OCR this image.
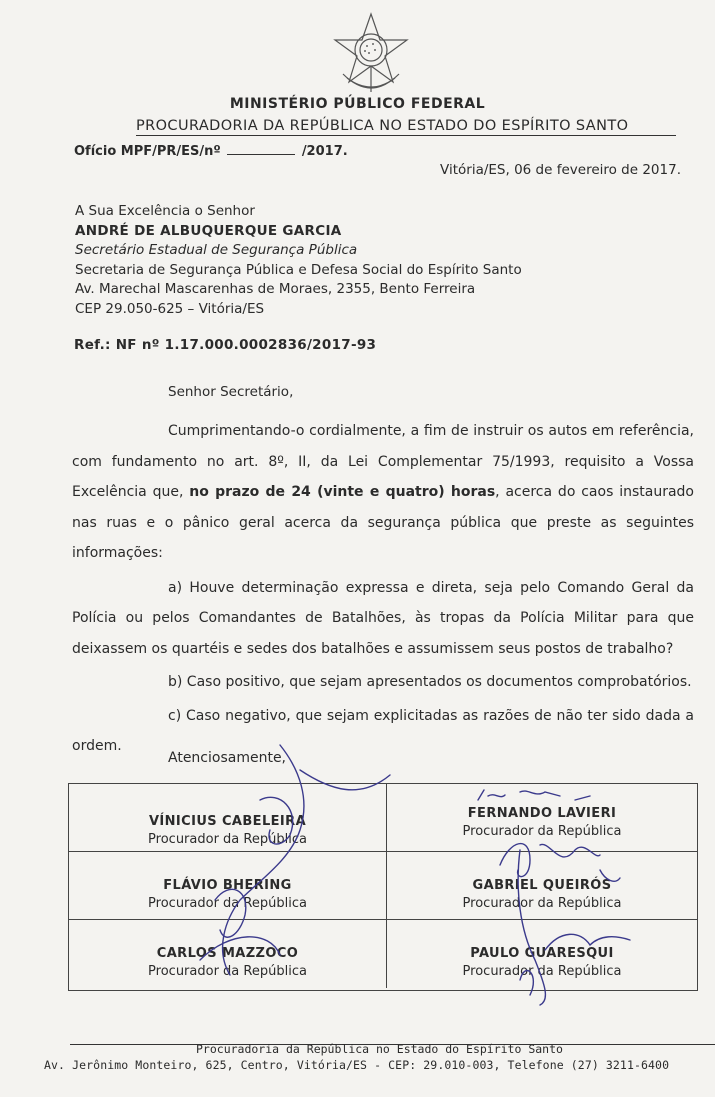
MINISTÉRIO PÚBLICO FEDERAL
PROCURADORIA DA REPÚBLICA NO ESTADO DO ESPÍRITO SANTO
Ofício MPF/PR/ES/nº	/2017.
Vitória/ES, 06 de fevereiro de 2017.
A Sua Excelência o Senhor
ANDRÉ DE ALBUQUERQUE GARCIA
Secretário Estadual de Segurança Pública
Secretaria de Segurança Pública e Defesa Social do Espírito Santo
Av. Marechal Mascarenhas de Moraes, 2355, Bento Ferreira
CEP 29.050-625 – Vitória/ES
Ref.: NF nº 1.17.000.0002836/2017-93
Senhor Secretário,

Cumprimentando-o cordialmente, a fim de instruir os autos em referência, com fundamento no art. 8º, II, da Lei Complementar 75/1993, requisito a Vossa Excelência que, no prazo de 24 (vinte e quatro) horas, acerca do caos instaurado nas ruas e o pânico geral acerca da segurança pública que preste as seguintes informações:

a) Houve determinação expressa e direta, seja pelo Comando Geral da Polícia ou pelos Comandantes de Batalhões, às tropas da Polícia Militar para que deixassem os quartéis e sedes dos batalhões e assumissem seus postos de trabalho?

b) Caso positivo, que sejam apresentados os documentos comprobatórios.

c) Caso negativo, que sejam explicitadas as razões de não ter sido dada a ordem.

Atenciosamente,
VÍNICIUS CABELEIRA
Procurador da República
FERNANDO LAVIERI
Procurador da República
FLÁVIO BHERING
Procurador da República
GABRIEL QUEIRÓS
Procurador da República
CARLOS MAZZOCO
Procurador da República
PAULO GUARESQUI
Procurador da República
Procuradoria da República no Estado do Espírito Santo
Av. Jerônimo Monteiro, 625, Centro, Vitória/ES - CEP: 29.010-003, Telefone (27) 3211-6400
